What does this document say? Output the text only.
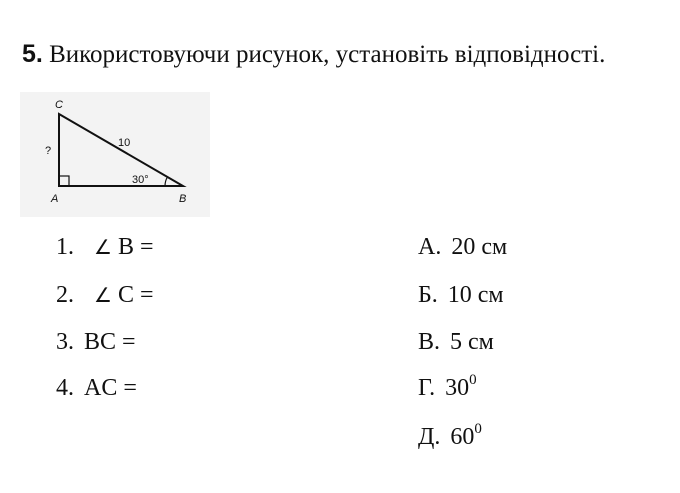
5. Використовуючи рисунок, установіть відповідності.
C
A	B
10
?
30°
1. ∠ B =
2. ∠ C =
3. BC =
4. AC =
А. 20 см
Б. 10 см
В. 5 см
Г. $30^0$
Д. $60^0$
